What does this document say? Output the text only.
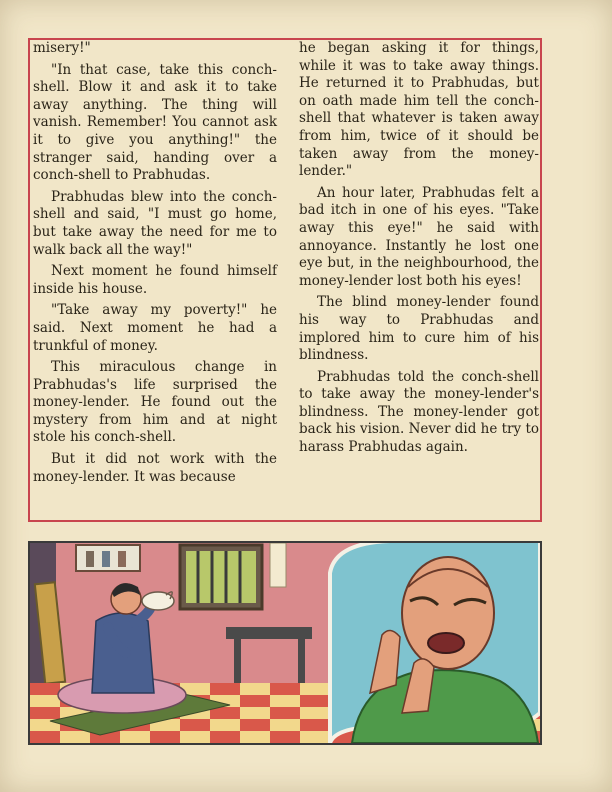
misery!"

"In that case, take this conch-shell. Blow it and ask it to take away anything. The thing will vanish. Remember! You cannot ask it to give you anything!" the stranger said, handing over a conch-shell to Prabhudas.

Prabhudas blew into the conch-shell and said, "I must go home, but take away the need for me to walk back all the way!"

Next moment he found himself inside his house.

"Take away my poverty!" he said. Next moment he had a trunkful of money.

This miraculous change in Prabhudas's life surprised the money-lender. He found out the mystery from him and at night stole his conch-shell.

But it did not work with the money-lender. It was because

he began asking it for things, while it was to take away things. He returned it to Prabhudas, but on oath made him tell the conch-shell that whatever is taken away from him, twice of it should be taken away from the money-lender."

An hour later, Prabhudas felt a bad itch in one of his eyes. "Take away this eye!" he said with annoyance. Instantly he lost one eye but, in the neighbourhood, the money-lender lost both his eyes!

The blind money-lender found his way to Prabhudas and implored him to cure him of his blindness.

Prabhudas told the conch-shell to take away the money-lender's blindness. The money-lender got back his vision. Never did he try to harass Prabhudas again.
